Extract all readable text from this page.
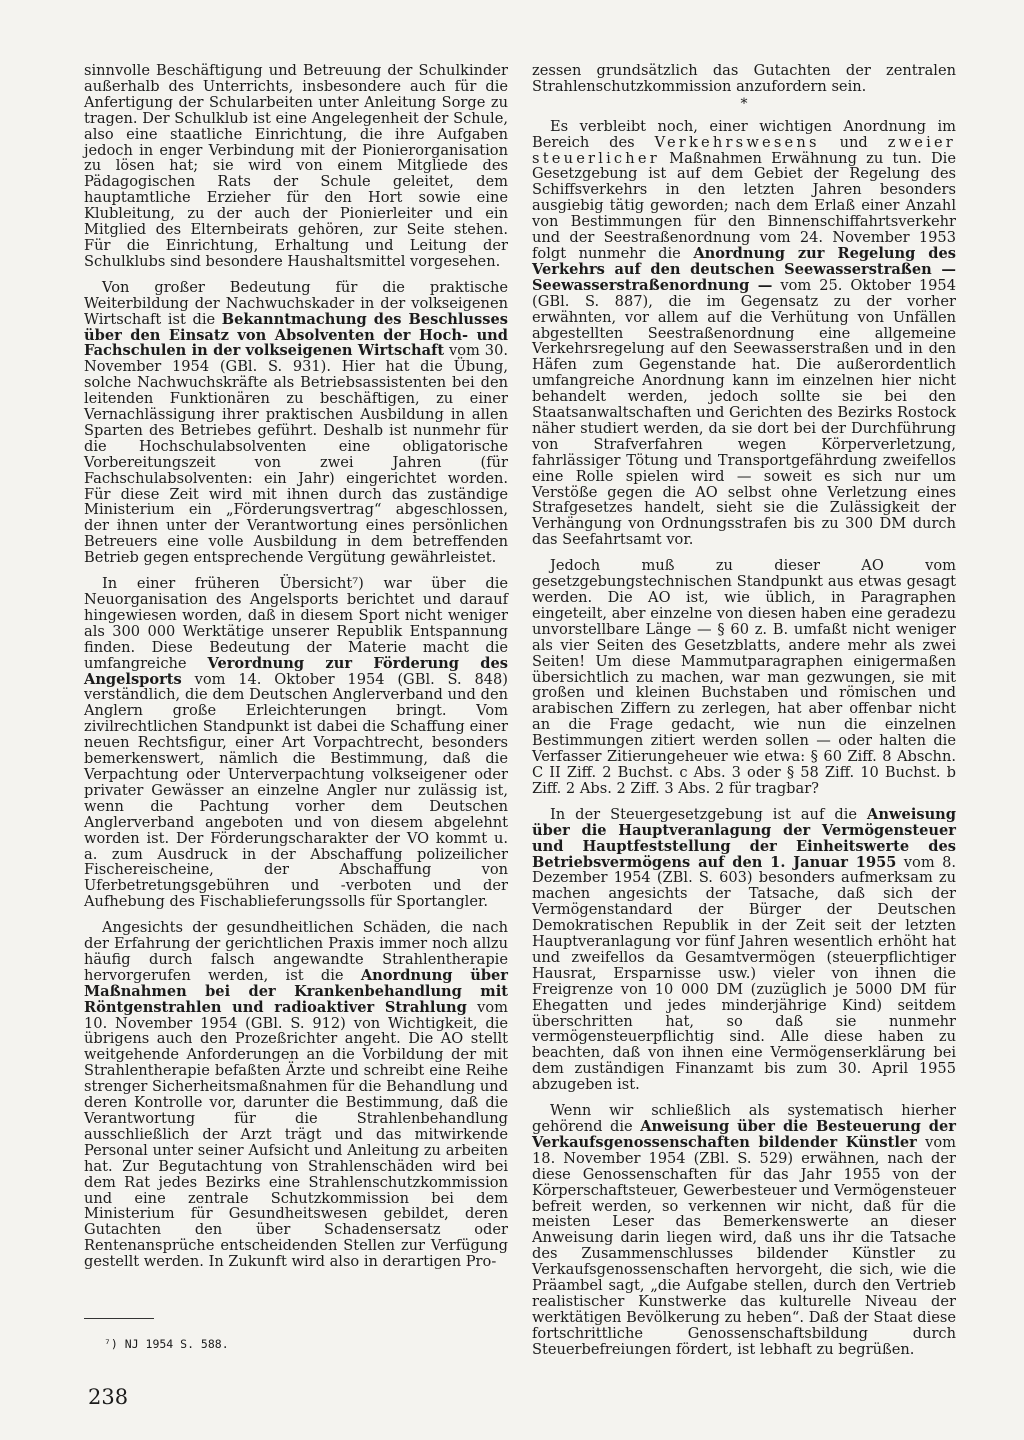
sinnvolle Beschäftigung und Betreuung der Schulkinder außerhalb des Unterrichts, insbesondere auch für die Anfertigung der Schularbeiten unter Anleitung Sorge zu tragen. Der Schulklub ist eine Angelegenheit der Schule, also eine staatliche Einrichtung, die ihre Aufgaben jedoch in enger Verbindung mit der Pionierorganisation zu lösen hat; sie wird von einem Mitgliede des Pädagogischen Rats der Schule geleitet, dem hauptamtliche Erzieher für den Hort sowie eine Klubleitung, zu der auch der Pionierleiter und ein Mitglied des Elternbeirats gehören, zur Seite stehen. Für die Einrichtung, Erhaltung und Leitung der Schulklubs sind besondere Haushaltsmittel vorgesehen.

Von großer Bedeutung für die praktische Weiterbildung der Nachwuchskader in der volkseigenen Wirtschaft ist die Bekanntmachung des Beschlusses über den Einsatz von Absolventen der Hoch- und Fachschulen in der volkseigenen Wirtschaft vom 30. November 1954 (GBl. S. 931). Hier hat die Übung, solche Nachwuchskräfte als Betriebsassistenten bei den leitenden Funktionären zu beschäftigen, zu einer Vernachlässigung ihrer praktischen Ausbildung in allen Sparten des Betriebes geführt. Deshalb ist nunmehr für die Hochschulabsolventen eine obligatorische Vorbereitungszeit von zwei Jahren (für Fachschulabsolventen: ein Jahr) eingerichtet worden. Für diese Zeit wird mit ihnen durch das zuständige Ministerium ein „Förderungsvertrag“ abgeschlossen, der ihnen unter der Verantwortung eines persönlichen Betreuers eine volle Ausbildung in dem betreffenden Betrieb gegen entsprechende Vergütung gewährleistet.

In einer früheren Übersicht⁷) war über die Neuorganisation des Angelsports berichtet und darauf hingewiesen worden, daß in diesem Sport nicht weniger als 300 000 Werktätige unserer Republik Entspannung finden. Diese Bedeutung der Materie macht die umfangreiche Verordnung zur Förderung des Angelsports vom 14. Oktober 1954 (GBl. S. 848) verständlich, die dem Deutschen Anglerverband und den Anglern große Erleichterungen bringt. Vom zivilrechtlichen Standpunkt ist dabei die Schaffung einer neuen Rechtsfigur, einer Art Vorpachtrecht, besonders bemerkenswert, nämlich die Bestimmung, daß die Verpachtung oder Unterverpachtung volkseigener oder privater Gewässer an einzelne Angler nur zulässig ist, wenn die Pachtung vorher dem Deutschen Anglerverband angeboten und von diesem abgelehnt worden ist. Der Förderungscharakter der VO kommt u. a. zum Ausdruck in der Abschaffung polizeilicher Fischereischeine, der Abschaffung von Uferbetretungsgebühren und -verboten und der Aufhebung des Fischablieferungssolls für Sportangler.

Angesichts der gesundheitlichen Schäden, die nach der Erfahrung der gerichtlichen Praxis immer noch allzu häufig durch falsch angewandte Strahlentherapie hervorgerufen werden, ist die Anordnung über Maßnahmen bei der Krankenbehandlung mit Röntgenstrahlen und radioaktiver Strahlung vom 10. November 1954 (GBl. S. 912) von Wichtigkeit, die übrigens auch den Prozeßrichter angeht. Die AO stellt weitgehende Anforderungen an die Vorbildung der mit Strahlentherapie befaßten Ärzte und schreibt eine Reihe strenger Sicherheitsmaßnahmen für die Behandlung und deren Kontrolle vor, darunter die Bestimmung, daß die Verantwortung für die Strahlenbehandlung ausschließlich der Arzt trägt und das mitwirkende Personal unter seiner Aufsicht und Anleitung zu arbeiten hat. Zur Begutachtung von Strahlenschäden wird bei dem Rat jedes Bezirks eine Strahlenschutzkommission und eine zentrale Schutzkommission bei dem Ministerium für Gesundheitswesen gebildet, deren Gutachten den über Schadensersatz oder Rentenansprüche entscheidenden Stellen zur Verfügung gestellt werden. In Zukunft wird also in derartigen Pro-

zessen grundsätzlich das Gutachten der zentralen Strahlenschutzkommission anzufordern sein.

*

Es verbleibt noch, einer wichtigen Anordnung im Bereich des Verkehrswesens und zweier steuerlicher Maßnahmen Erwähnung zu tun. Die Gesetzgebung ist auf dem Gebiet der Regelung des Schiffsverkehrs in den letzten Jahren besonders ausgiebig tätig geworden; nach dem Erlaß einer Anzahl von Bestimmungen für den Binnenschiffahrtsverkehr und der Seestraßenordnung vom 24. November 1953 folgt nunmehr die Anordnung zur Regelung des Verkehrs auf den deutschen Seewasserstraßen — Seewasserstraßenordnung — vom 25. Oktober 1954 (GBl. S. 887), die im Gegensatz zu der vorher erwähnten, vor allem auf die Verhütung von Unfällen abgestellten Seestraßenordnung eine allgemeine Verkehrsregelung auf den Seewasserstraßen und in den Häfen zum Gegenstande hat. Die außerordentlich umfangreiche Anordnung kann im einzelnen hier nicht behandelt werden, jedoch sollte sie bei den Staatsanwaltschaften und Gerichten des Bezirks Rostock näher studiert werden, da sie dort bei der Durchführung von Strafverfahren wegen Körperverletzung, fahrlässiger Tötung und Transportgefährdung zweifellos eine Rolle spielen wird — soweit es sich nur um Verstöße gegen die AO selbst ohne Verletzung eines Strafgesetzes handelt, sieht sie die Zulässigkeit der Verhängung von Ordnungsstrafen bis zu 300 DM durch das Seefahrtsamt vor.

Jedoch muß zu dieser AO vom gesetzgebungstechnischen Standpunkt aus etwas gesagt werden. Die AO ist, wie üblich, in Paragraphen eingeteilt, aber einzelne von diesen haben eine geradezu unvorstellbare Länge — § 60 z. B. umfaßt nicht weniger als vier Seiten des Gesetzblatts, andere mehr als zwei Seiten! Um diese Mammutparagraphen einigermaßen übersichtlich zu machen, war man gezwungen, sie mit großen und kleinen Buchstaben und römischen und arabischen Ziffern zu zerlegen, hat aber offenbar nicht an die Frage gedacht, wie nun die einzelnen Bestimmungen zitiert werden sollen — oder halten die Verfasser Zitierungeheuer wie etwa: § 60 Ziff. 8 Abschn. C II Ziff. 2 Buchst. c Abs. 3 oder § 58 Ziff. 10 Buchst. b Ziff. 2 Abs. 2 Ziff. 3 Abs. 2 für tragbar?

In der Steuergesetzgebung ist auf die Anweisung über die Hauptveranlagung der Vermögensteuer und Hauptfeststellung der Einheitswerte des Betriebsvermögens auf den 1. Januar 1955 vom 8. Dezember 1954 (ZBl. S. 603) besonders aufmerksam zu machen angesichts der Tatsache, daß sich der Vermögenstandard der Bürger der Deutschen Demokratischen Republik in der Zeit seit der letzten Hauptveranlagung vor fünf Jahren wesentlich erhöht hat und zweifellos da Gesamtvermögen (steuerpflichtiger Hausrat, Ersparnisse usw.) vieler von ihnen die Freigrenze von 10 000 DM (zuzüglich je 5000 DM für Ehegatten und jedes minderjährige Kind) seitdem überschritten hat, so daß sie nunmehr vermögensteuerpflichtig sind. Alle diese haben zu beachten, daß von ihnen eine Vermögenserklärung bei dem zuständigen Finanzamt bis zum 30. April 1955 abzugeben ist.

Wenn wir schließlich als systematisch hierher gehörend die Anweisung über die Besteuerung der Verkaufsgenossenschaften bildender Künstler vom 18. November 1954 (ZBl. S. 529) erwähnen, nach der diese Genossenschaften für das Jahr 1955 von der Körperschaftsteuer, Gewerbesteuer und Vermögensteuer befreit werden, so verkennen wir nicht, daß für die meisten Leser das Bemerkenswerte an dieser Anweisung darin liegen wird, daß uns ihr die Tatsache des Zusammenschlusses bildender Künstler zu Verkaufsgenossenschaften hervorgeht, die sich, wie die Präambel sagt, „die Aufgabe stellen, durch den Vertrieb realistischer Kunstwerke das kulturelle Niveau der werktätigen Bevölkerung zu heben“. Daß der Staat diese fortschrittliche Genossenschaftsbildung durch Steuerbefreiungen fördert, ist lebhaft zu begrüßen.

⁷) NJ 1954 S. 588.
238
